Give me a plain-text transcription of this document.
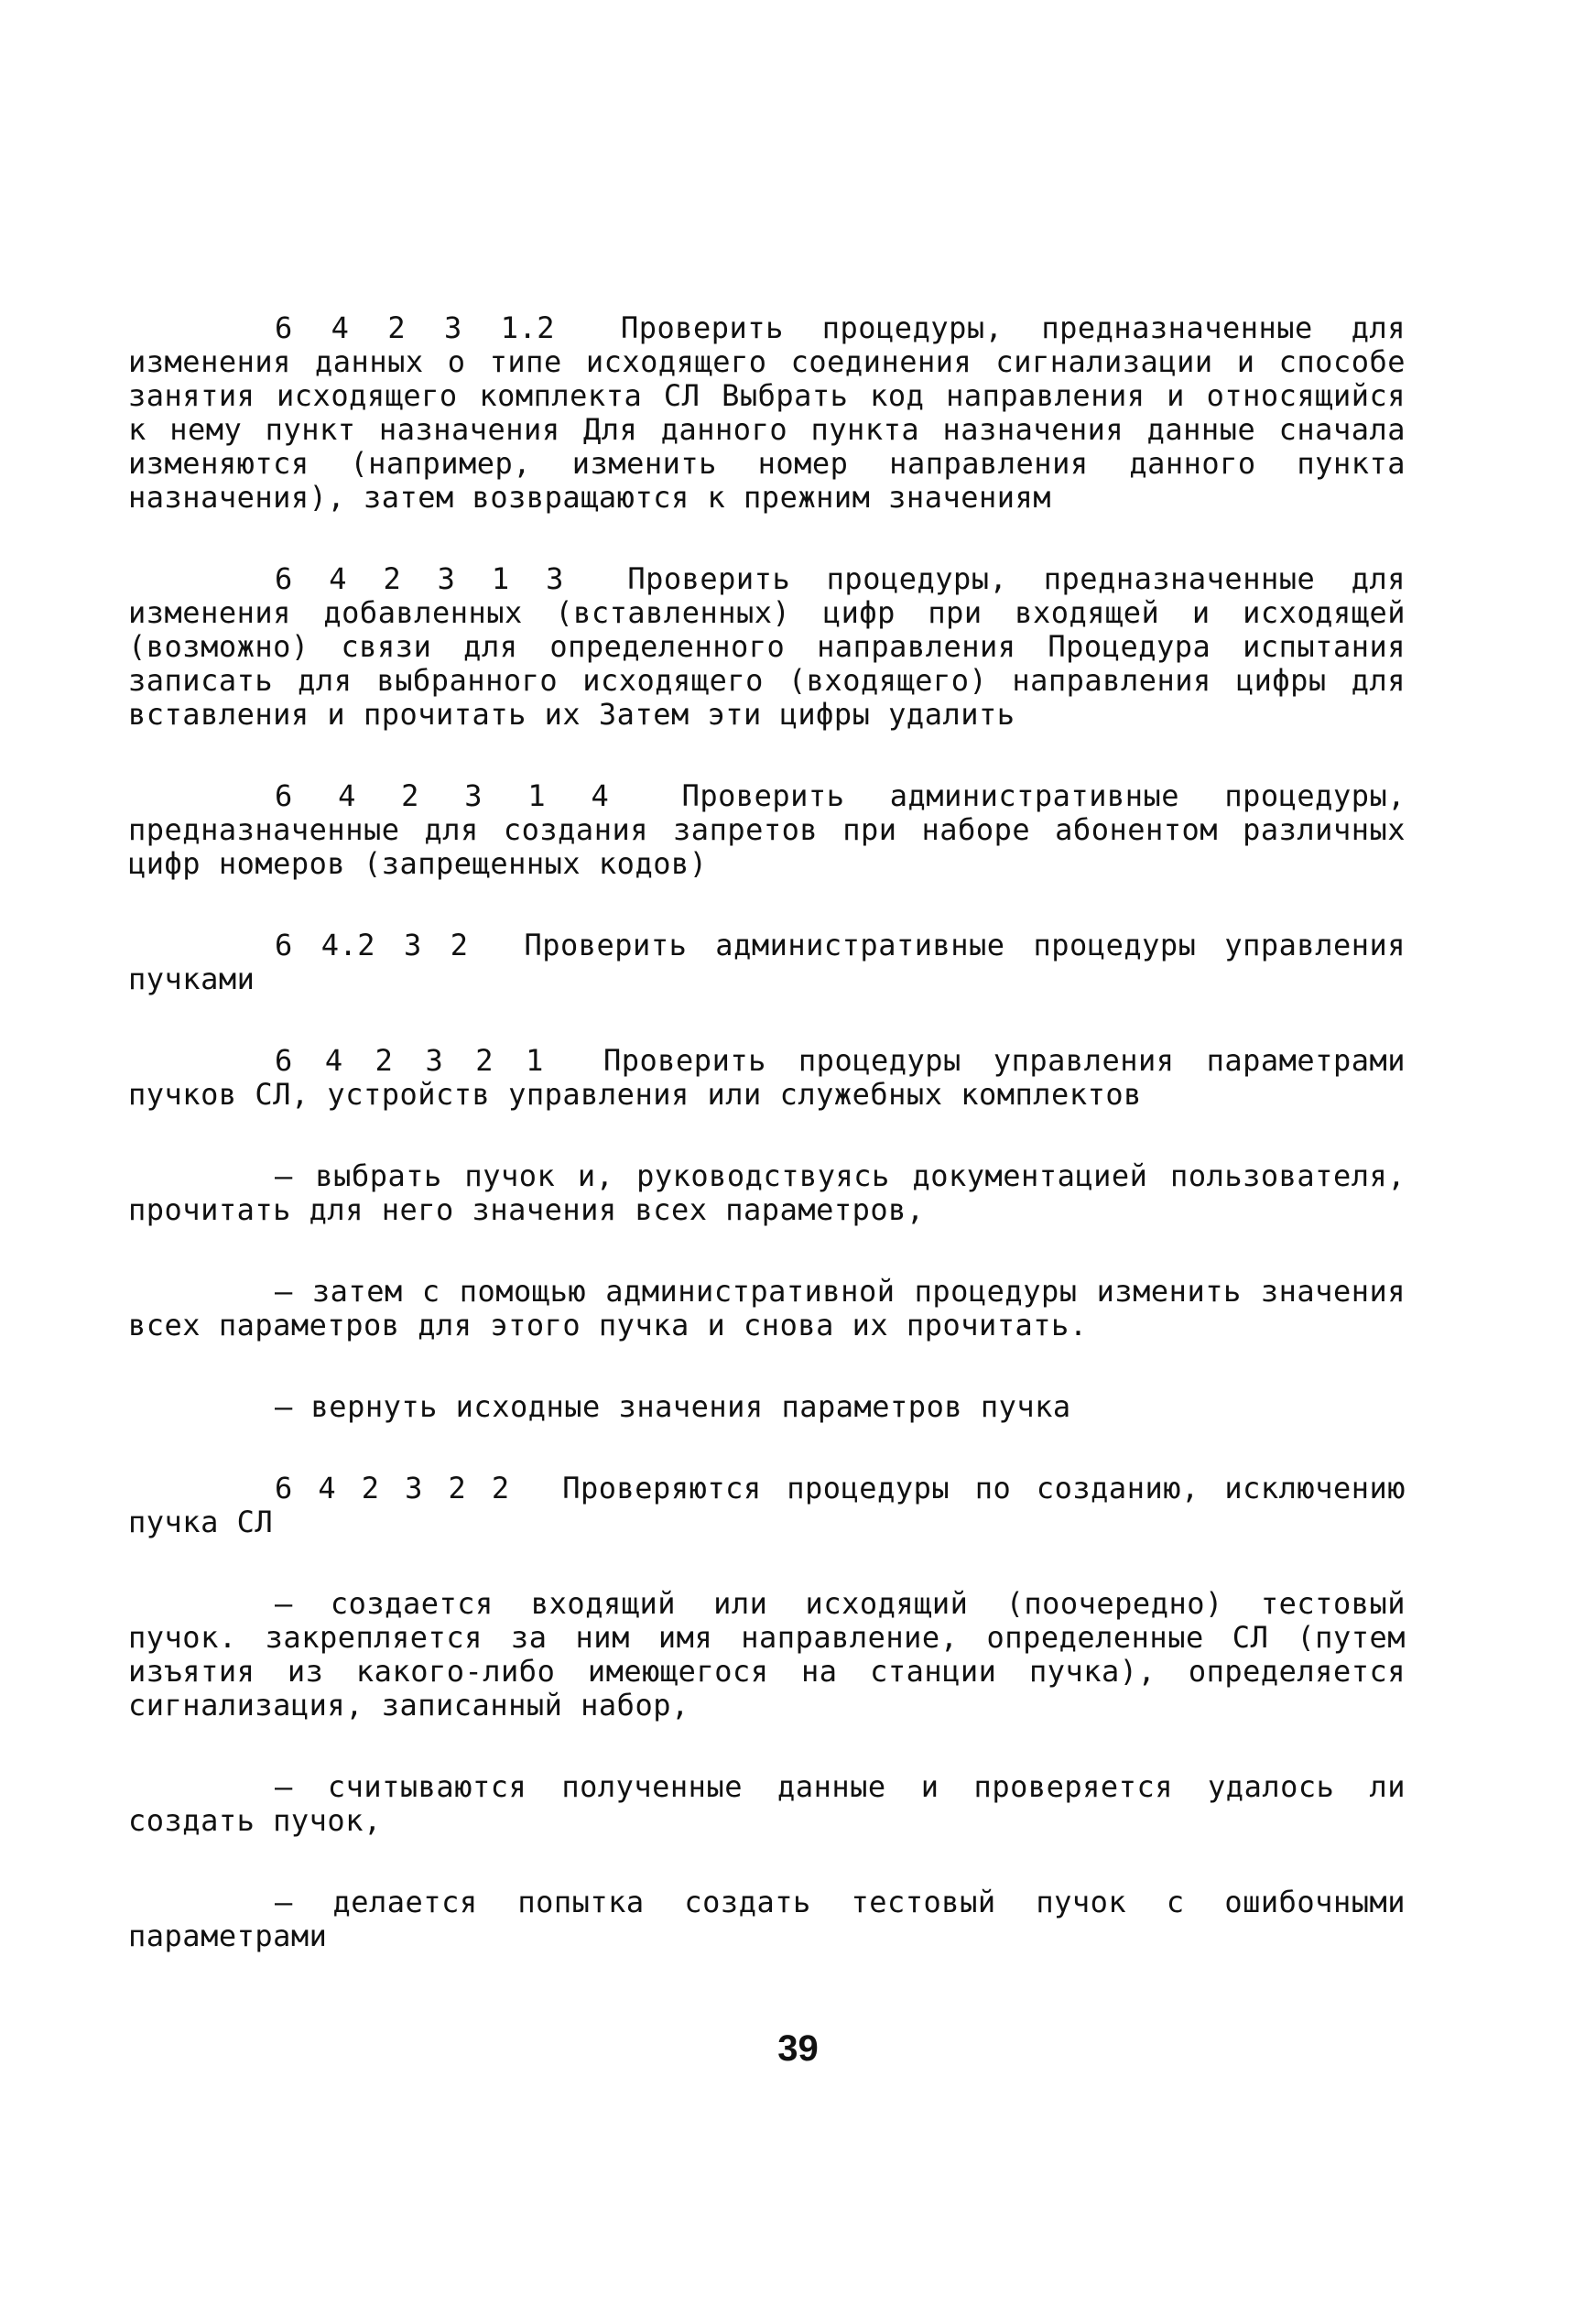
6 4 2 3 1.2 Проверить процедуры, предназначенные для изменения данных о типе исходящего соединения сигнализации и способе занятия исходящего комплекта СЛ Выбрать код направления и относящийся к нему пункт назначения Для данного пункта назначения данные сначала изменяются (например, изменить номер направления данного пункта назначения), затем возвращаются к прежним значениям
6 4 2 3 1 3 Проверить процедуры, предназначенные для изменения добавленных (вставленных) цифр при входящей и исходящей (возможно) связи для определенного направления Процедура испытания записать для выбранного исходящего (входящего) направления цифры для вставления и прочитать их Затем эти цифры удалить
6 4 2 3 1 4 Проверить административные процедуры, предназначенные для создания запретов при наборе абонентом различных цифр номеров (запрещенных кодов)
6 4.2 3 2 Проверить административные процедуры управления пучками
6 4 2 3 2 1 Проверить процедуры управления параметрами пучков СЛ, устройств управления или служебных комплектов
– выбрать пучок и, руководствуясь документацией пользователя, прочитать для него значения всех параметров,
– затем с помощью административной процедуры изменить значения всех параметров для этого пучка и снова их прочитать.
– вернуть исходные значения параметров пучка
6 4 2 3 2 2 Проверяются процедуры по созданию, исключению пучка СЛ
– создается входящий или исходящий (поочередно) тестовый пучок. закрепляется за ним имя направление, определенные СЛ (путем изъятия из какого-либо имеющегося на станции пучка), определяется сигнализация, записанный набор,
– считываются полученные данные и проверяется удалось ли создать пучок,
– делается попытка создать тестовый пучок с ошибочными параметрами
39
